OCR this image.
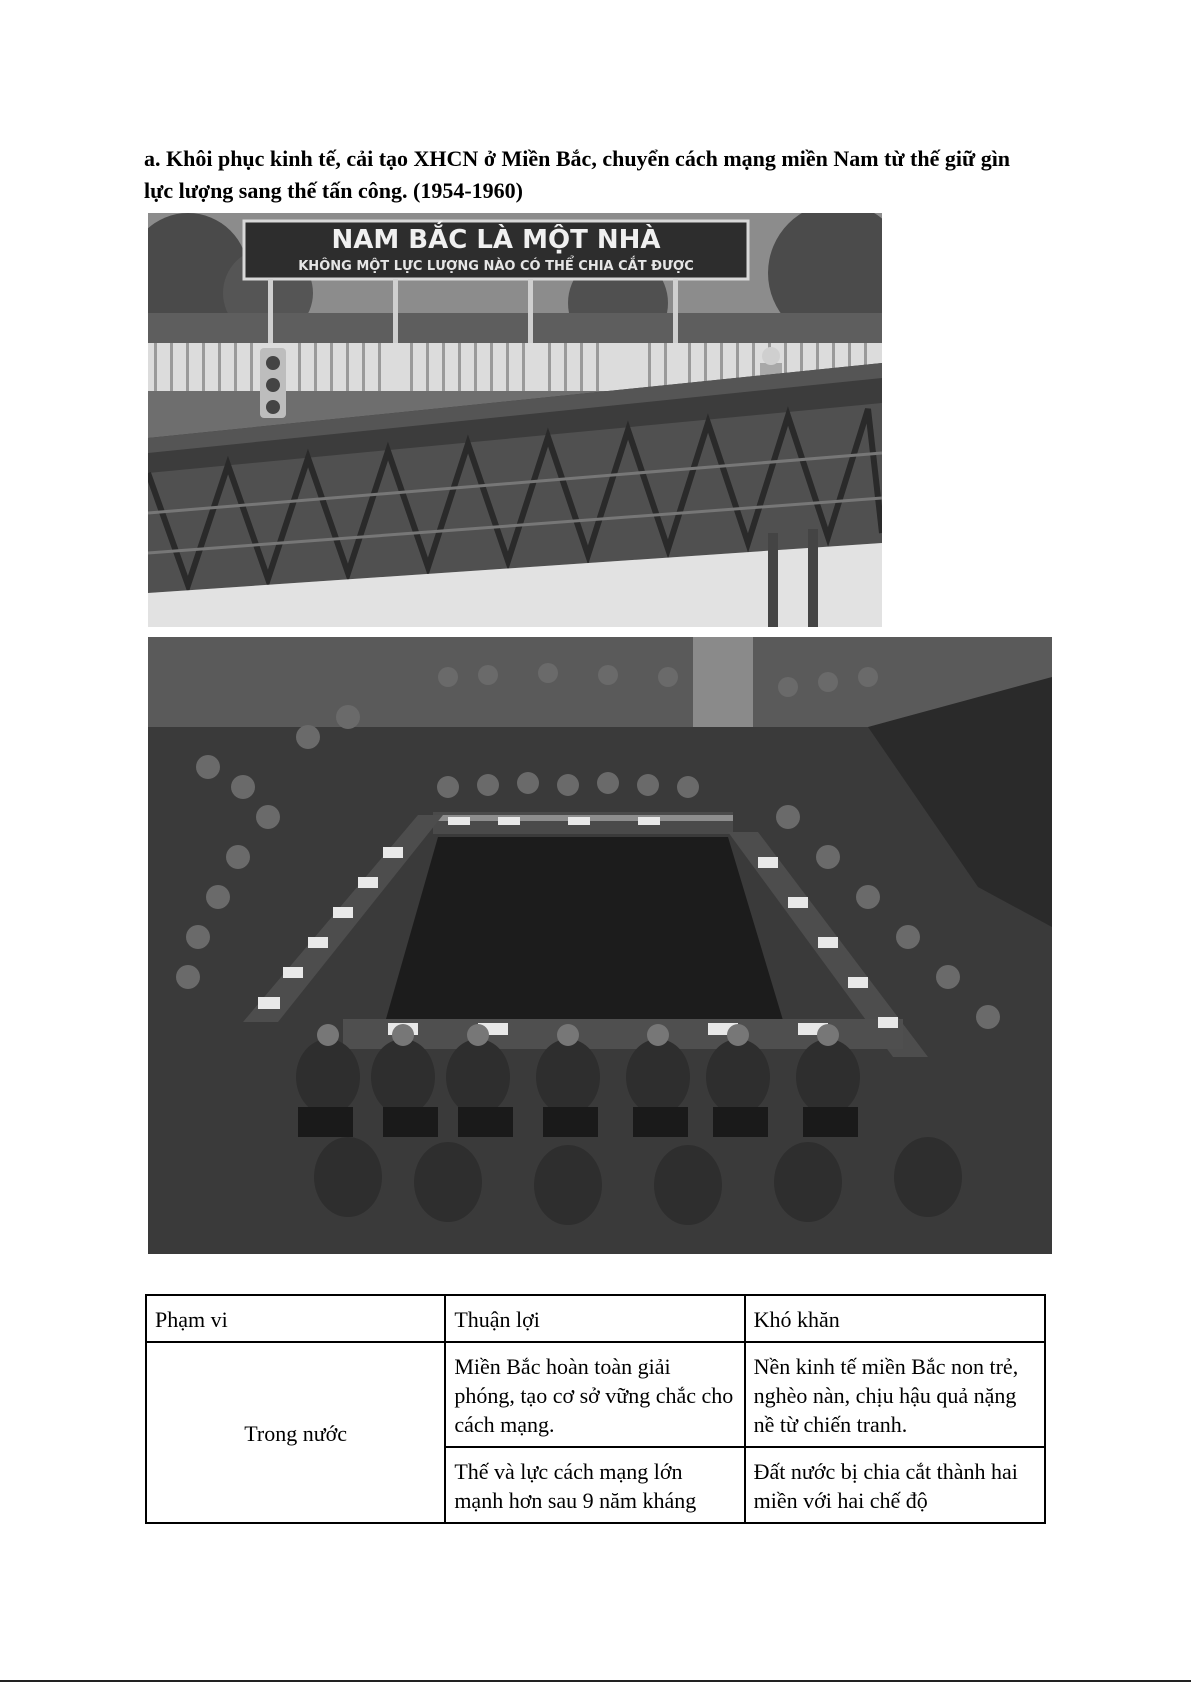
a. Khôi phục kinh tế, cải tạo XHCN ở Miền Bắc, chuyển cách mạng miền Nam từ thế giữ gìn lực lượng sang thế tấn công. (1954-1960)
NAM BẮC LÀ MỘT NHÀ
KHÔNG MỘT LỰC LƯỢNG NÀO CÓ THỂ CHIA CẮT ĐƯỢC
Phạm vi	Thuận lợi	Khó khăn
Trong nước	Miền Bắc hoàn toàn giải phóng, tạo cơ sở vững chắc cho cách mạng.	Nền kinh tế miền Bắc non trẻ, nghèo nàn, chịu hậu quả nặng nề từ chiến tranh.
	Thế và lực cách mạng lớn mạnh hơn sau 9 năm kháng	Đất nước bị chia cắt thành hai miền với hai chế độ
